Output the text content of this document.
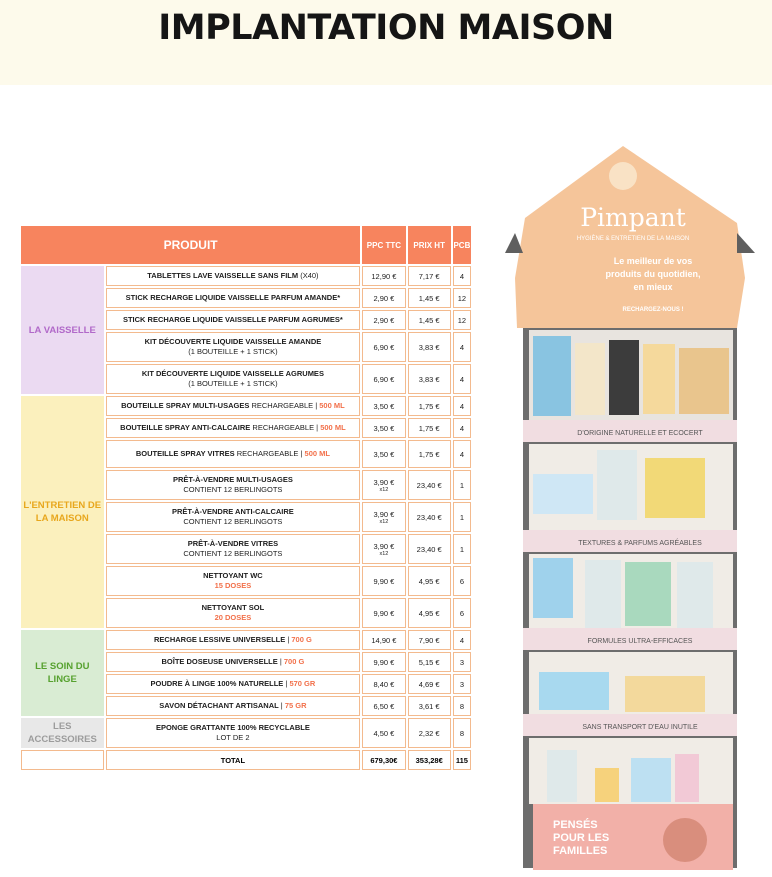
IMPLANTATION MAISON
PRODUIT		PPC TTC	PRIX HT	PCB
LA VAISSELLE	TABLETTES LAVE VAISSELLE SANS FILM (X40)	12,90 €	7,17 €	4
	STICK RECHARGE LIQUIDE VAISSELLE PARFUM AMANDE*	2,90 €	1,45 €	12
	STICK RECHARGE LIQUIDE VAISSELLE PARFUM AGRUMES*	2,90 €	1,45 €	12
	KIT DÉCOUVERTE LIQUIDE VAISSELLE AMANDE
(1 BOUTEILLE + 1 STICK)	6,90 €	3,83 €	4
	KIT DÉCOUVERTE LIQUIDE VAISSELLE AGRUMES
(1 BOUTEILLE + 1 STICK)	6,90 €	3,83 €	4
L'ENTRETIEN DE LA MAISON	BOUTEILLE SPRAY MULTI-USAGES RECHARGEABLE | 500 ML	3,50 €	1,75 €	4
	BOUTEILLE SPRAY ANTI-CALCAIRE RECHARGEABLE | 500 ML	3,50 €	1,75 €	4
	BOUTEILLE SPRAY VITRES RECHARGEABLE | 500 ML	3,50 €	1,75 €	4
	PRÊT-À-VENDRE MULTI-USAGES
CONTIENT 12 BERLINGOTS	3,90 €
x12	23,40 €	1
	PRÊT-À-VENDRE ANTI-CALCAIRE
CONTIENT 12 BERLINGOTS	3,90 €
x12	23,40 €	1
	PRÊT-À-VENDRE VITRES
CONTIENT 12 BERLINGOTS	3,90 €
x12	23,40 €	1
	NETTOYANT WC
15 DOSES	9,90 €	4,95 €	6
	NETTOYANT SOL
20 DOSES	9,90 €	4,95 €	6
LE SOIN DU LINGE	RECHARGE LESSIVE UNIVERSELLE | 700 G	14,90 €	7,90 €	4
	BOÎTE DOSEUSE UNIVERSELLE | 700 G	9,90 €	5,15 €	3
	POUDRE À LINGE 100% NATURELLE | 570 GR	8,40 €	4,69 €	3
	SAVON DÉTACHANT ARTISANAL | 75 GR	6,50 €	3,61 €	8
LES ACCESSOIRES	EPONGE GRATTANTE 100% RECYCLABLE
LOT DE 2	4,50 €	2,32 €	8
	TOTAL	679,30€	353,28€	115
Pimpant
HYGIÈNE & ENTRETIEN DE LA MAISON
Le meilleur de vos
produits du quotidien,
en mieux
RECHARGEZ-NOUS !
D'ORIGINE NATURELLE ET ECOCERT
TEXTURES & PARFUMS AGRÉABLES
FORMULES ULTRA-EFFICACES
SANS TRANSPORT D'EAU INUTILE
PENSÉS
POUR LES
FAMILLES
